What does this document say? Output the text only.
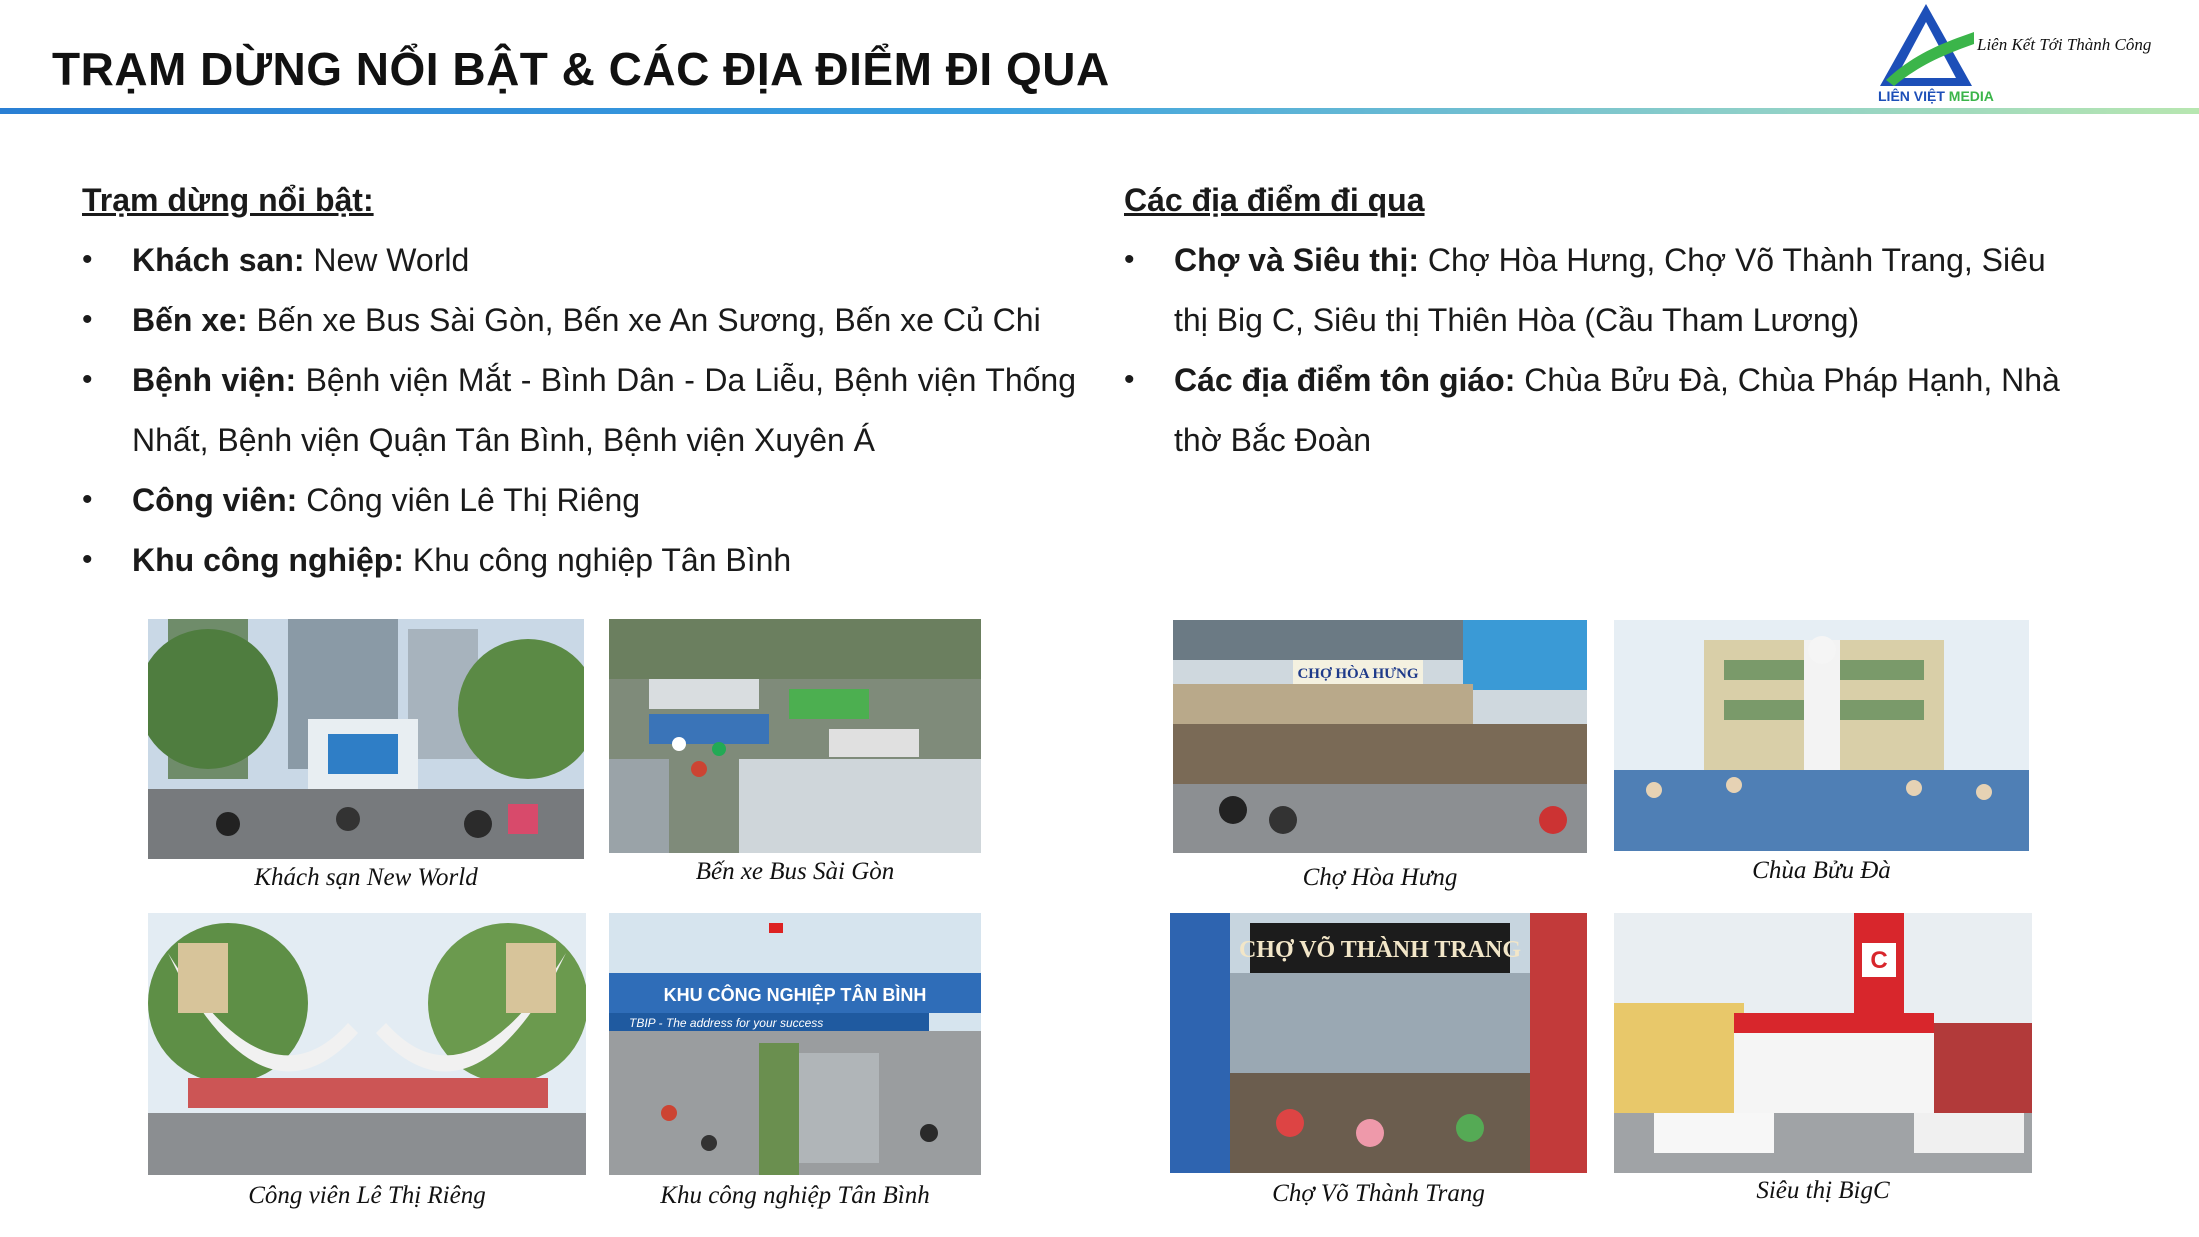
TRẠM DỪNG NỔI BẬT & CÁC ĐỊA ĐIỂM ĐI QUA
LIÊN VIỆT MEDIA
Liên Kết Tới Thành Công
Trạm dừng nổi bật:
• Khách san: New World
• Bến xe: Bến xe Bus Sài Gòn, Bến xe An Sương, Bến xe Củ Chi
• Bệnh viện: Bệnh viện Mắt - Bình Dân - Da Liễu, Bệnh viện Thống Nhất, Bệnh viện Quận Tân Bình, Bệnh viện Xuyên Á
• Công viên: Công viên Lê Thị Riêng
• Khu công nghiệp: Khu công nghiệp Tân Bình
Các địa điểm đi qua
• Chợ và Siêu thị: Chợ Hòa Hưng, Chợ Võ Thành Trang, Siêu thị Big C, Siêu thị Thiên Hòa (Cầu Tham Lương)
• Các địa điểm tôn giáo: Chùa Bửu Đà, Chùa Pháp Hạnh, Nhà thờ Bắc Đoàn
Khách sạn New World	Bến xe Bus Sài Gòn
Công viên Lê Thị Riêng
KHU CÔNG NGHIỆP TÂN BÌNH
TBIP - The address for your success
Khu công nghiệp Tân Bình
CHỢ HÒA HƯNG
Chợ Hòa Hưng	Chùa Bửu Đà
CHỢ VÕ THÀNH TRANG
Chợ Võ Thành Trang
C
Siêu thị BigC
